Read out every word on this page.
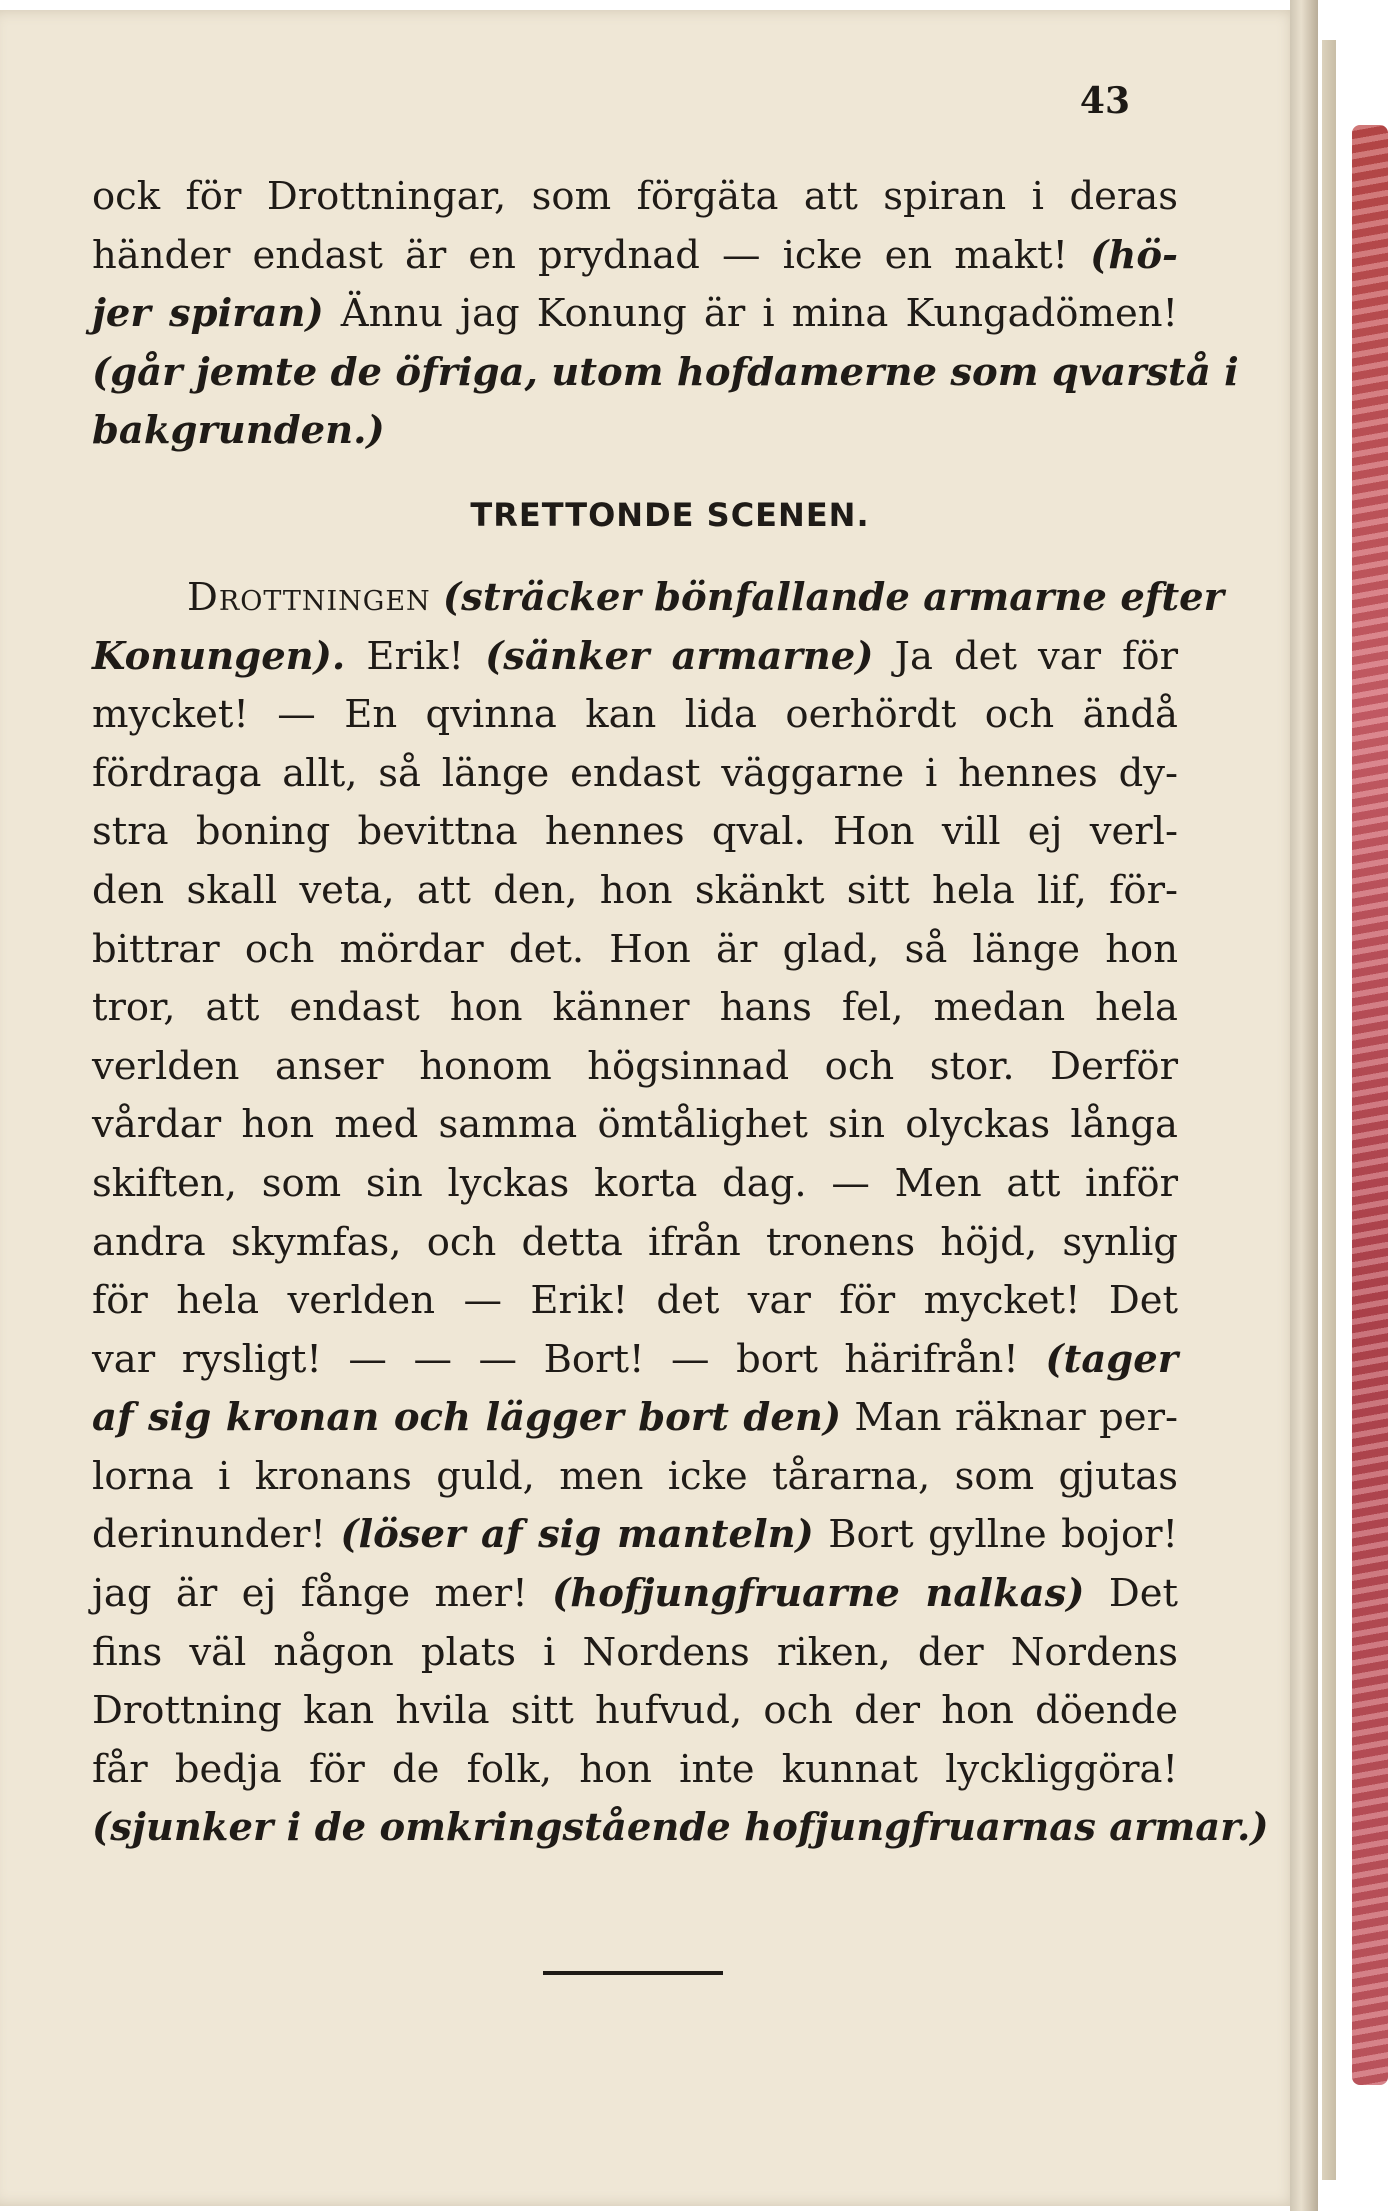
43
ock för Drottningar, som förgäta att spiran i deras
händer endast är en prydnad — icke en makt! (hö-
jer spiran) Ännu jag Konung är i mina Kungadömen!
(går jemte de öfriga, utom hofdamerne som qvarstå i
bakgrunden.)
TRETTONDE SCENEN.
Drottningen (sträcker bönfallande armarne efter
Konungen). Erik! (sänker armarne) Ja det var för
mycket! — En qvinna kan lida oerhördt och ändå
fördraga allt, så länge endast väggarne i hennes dy-
stra boning bevittna hennes qval. Hon vill ej verl-
den skall veta, att den, hon skänkt sitt hela lif, för-
bittrar och mördar det. Hon är glad, så länge hon
tror, att endast hon känner hans fel, medan hela
verlden anser honom högsinnad och stor. Derför
vårdar hon med samma ömtålighet sin olyckas långa
skiften, som sin lyckas korta dag. — Men att inför
andra skymfas, och detta ifrån tronens höjd, synlig
för hela verlden — Erik! det var för mycket! Det
var rysligt! — — — Bort! — bort härifrån! (tager
af sig kronan och lägger bort den) Man räknar per-
lorna i kronans guld, men icke tårarna, som gjutas
derinunder! (löser af sig manteln) Bort gyllne bojor!
jag är ej fånge mer! (hofjungfruarne nalkas) Det
fins väl någon plats i Nordens riken, der Nordens
Drottning kan hvila sitt hufvud, och der hon döende
får bedja för de folk, hon inte kunnat lyckliggöra!
(sjunker i de omkringstående hofjungfruarnas armar.)
